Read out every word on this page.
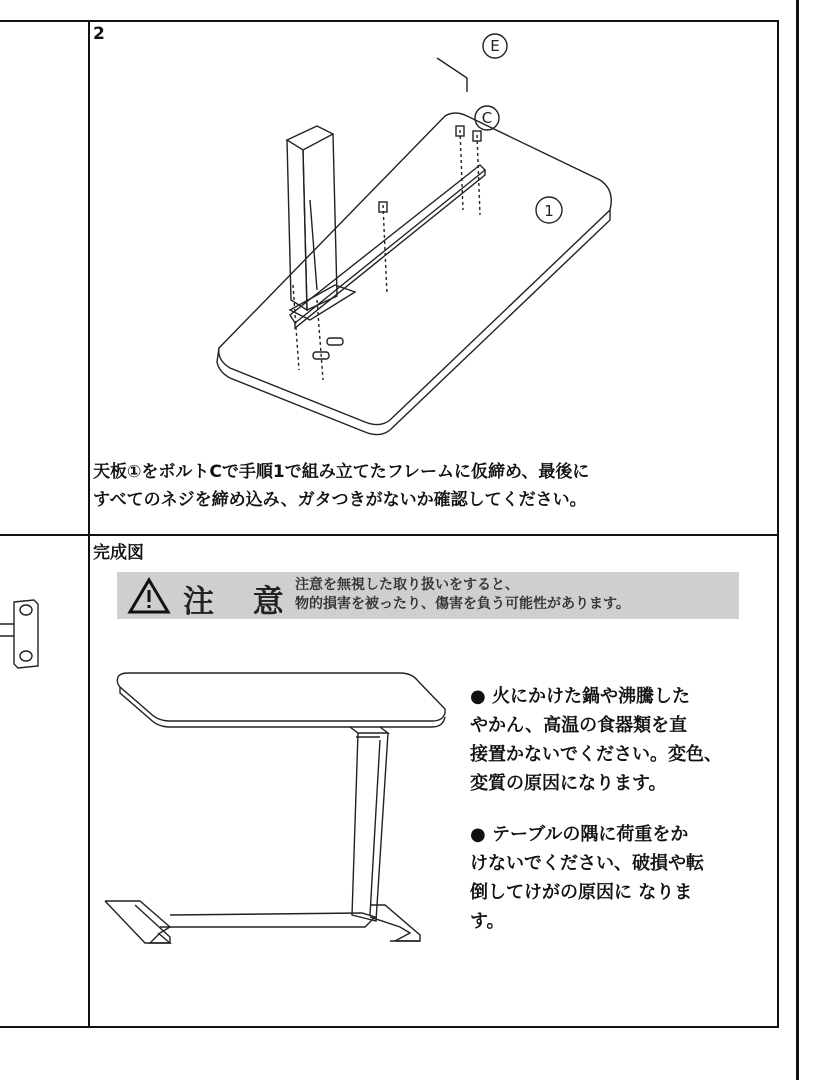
2
E
C
1
天板①をボルトCで手順1で組み立てたフレームに仮締め、最後に
すべてのネジを締め込み、ガタつきがないか確認してください。
完成図
注 意
注意を無視した取り扱いをすると、
物的損害を被ったり、傷害を負う可能性があります。
● 火にかけた鍋や沸騰した
やかん、高温の食器類を直
接置かないでください。変色、
変質の原因になります。
● テーブルの隅に荷重をか
けないでください、破損や転
倒してけがの原因に なりま
す。
